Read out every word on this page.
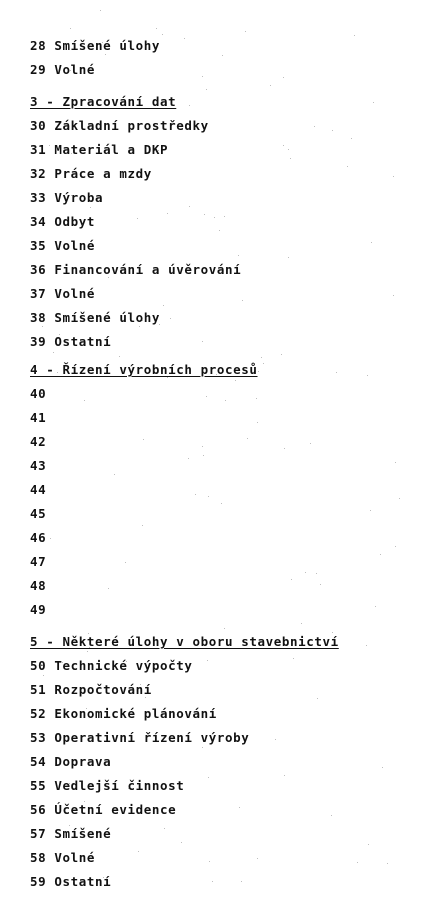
28 Smíšené úlohy
29 Volné
3 - Zpracování dat
30 Základní prostředky
31 Materiál a DKP
32 Práce a mzdy
33 Výroba
34 Odbyt
35 Volné
36 Financování a úvěrování
37 Volné
38 Smíšené úlohy
39 Ostatní
4 - Řízení výrobních procesů
40
41
42
43
44
45
46
47
48
49
5 - Některé úlohy v oboru stavebnictví
50 Technické výpočty
51 Rozpočtování
52 Ekonomické plánování
53 Operativní řízení výroby
54 Doprava
55 Vedlejší činnost
56 Účetní evidence
57 Smíšené
58 Volné
59 Ostatní
